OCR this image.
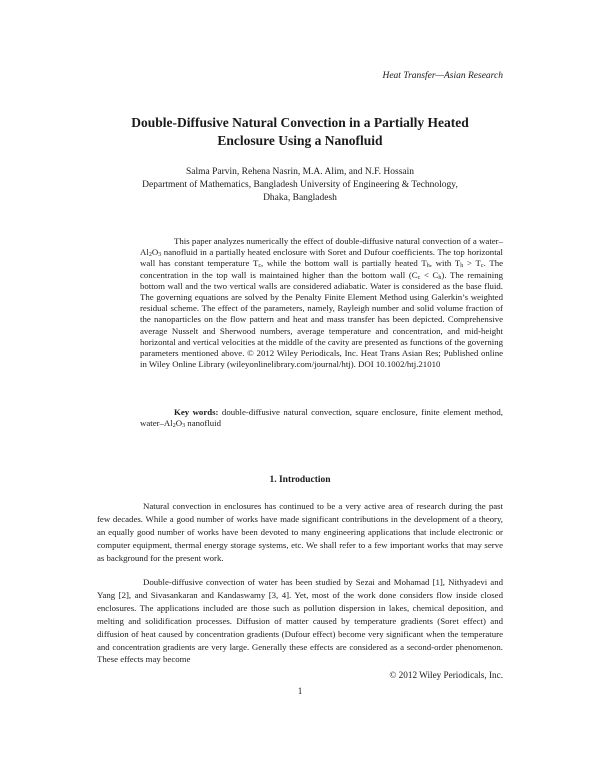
Heat Transfer—Asian Research
Double-Diffusive Natural Convection in a Partially Heated
Enclosure Using a Nanofluid
Salma Parvin, Rehena Nasrin, M.A. Alim, and N.F. Hossain
Department of Mathematics, Bangladesh University of Engineering & Technology,
Dhaka, Bangladesh

This paper analyzes numerically the effect of double-diffusive natural convection of a water–$Al_2O_3$ nanofluid in a partially heated enclosure with Soret and Dufour coefficients. The top horizontal wall has constant temperature $T_c$, while the bottom wall is partially heated $T_h$, with $T_h > T_c$. The concentration in the top wall is maintained higher than the bottom wall $(C_c < C_h)$. The remaining bottom wall and the two vertical walls are considered adiabatic. Water is considered as the base fluid. The governing equations are solved by the Penalty Finite Element Method using Galerkin’s weighted residual scheme. The effect of the parameters, namely, Rayleigh number and solid volume fraction of the nanoparticles on the flow pattern and heat and mass transfer has been depicted. Comprehensive average Nusselt and Sherwood numbers, average temperature and concentration, and mid-height horizontal and vertical velocities at the middle of the cavity are presented as functions of the governing parameters mentioned above. © 2012 Wiley Periodicals, Inc. Heat Trans Asian Res; Published online in Wiley Online Library (wileyonlinelibrary.com/journal/htj). DOI 10.1002/htj.21010

Key words: double-diffusive natural convection, square enclosure, finite element method, water–$Al_2O_3$ nanofluid
1. Introduction

Natural convection in enclosures has continued to be a very active area of research during the past few decades. While a good number of works have made significant contributions in the development of a theory, an equally good number of works have been devoted to many engineering applications that include electronic or computer equipment, thermal energy storage systems, etc. We shall refer to a few important works that may serve as background for the present work.

Double-diffusive convection of water has been studied by Sezai and Mohamad [1], Nithyadevi and Yang [2], and Sivasankaran and Kandaswamy [3, 4]. Yet, most of the work done considers flow inside closed enclosures. The applications included are those such as pollution dispersion in lakes, chemical deposition, and melting and solidification processes. Diffusion of matter caused by temperature gradients (Soret effect) and diffusion of heat caused by concentration gradients (Dufour effect) become very significant when the temperature and concentration gradients are very large. Generally these effects are considered as a second-order phenomenon. These effects may become

© 2012 Wiley Periodicals, Inc.
1
